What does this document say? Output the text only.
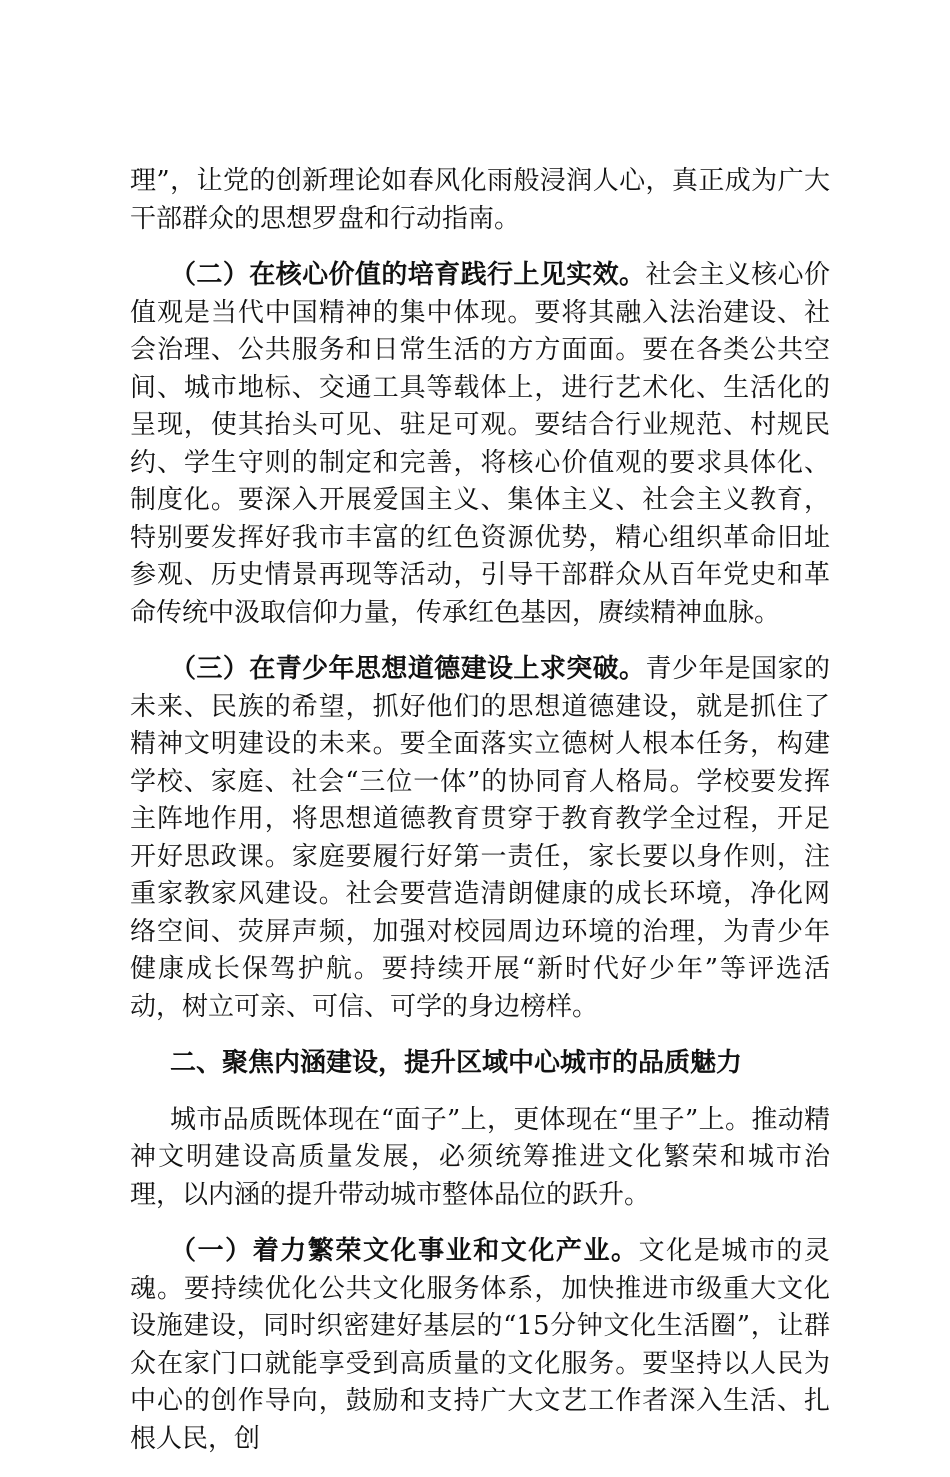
理”，让党的创新理论如春风化雨般浸润人心，真正成为广大干部群众的思想罗盘和行动指南。

（二）在核心价值的培育践行上见实效。社会主义核心价值观是当代中国精神的集中体现。要将其融入法治建设、社会治理、公共服务和日常生活的方方面面。要在各类公共空间、城市地标、交通工具等载体上，进行艺术化、生活化的呈现，使其抬头可见、驻足可观。要结合行业规范、村规民约、学生守则的制定和完善，将核心价值观的要求具体化、制度化。要深入开展爱国主义、集体主义、社会主义教育，特别要发挥好我市丰富的红色资源优势，精心组织革命旧址参观、历史情景再现等活动，引导干部群众从百年党史和革命传统中汲取信仰力量，传承红色基因，赓续精神血脉。

（三）在青少年思想道德建设上求突破。青少年是国家的未来、民族的希望，抓好他们的思想道德建设，就是抓住了精神文明建设的未来。要全面落实立德树人根本任务，构建学校、家庭、社会“三位一体”的协同育人格局。学校要发挥主阵地作用，将思想道德教育贯穿于教育教学全过程，开足开好思政课。家庭要履行好第一责任，家长要以身作则，注重家教家风建设。社会要营造清朗健康的成长环境，净化网络空间、荧屏声频，加强对校园周边环境的治理，为青少年健康成长保驾护航。要持续开展“新时代好少年”等评选活动，树立可亲、可信、可学的身边榜样。

二、聚焦内涵建设，提升区域中心城市的品质魅力

城市品质既体现在“面子”上，更体现在“里子”上。推动精神文明建设高质量发展，必须统筹推进文化繁荣和城市治理，以内涵的提升带动城市整体品位的跃升。

（一）着力繁荣文化事业和文化产业。文化是城市的灵魂。要持续优化公共文化服务体系，加快推进市级重大文化设施建设，同时织密建好基层的“15分钟文化生活圈”，让群众在家门口就能享受到高质量的文化服务。要坚持以人民为中心的创作导向，鼓励和支持广大文艺工作者深入生活、扎根人民，创
